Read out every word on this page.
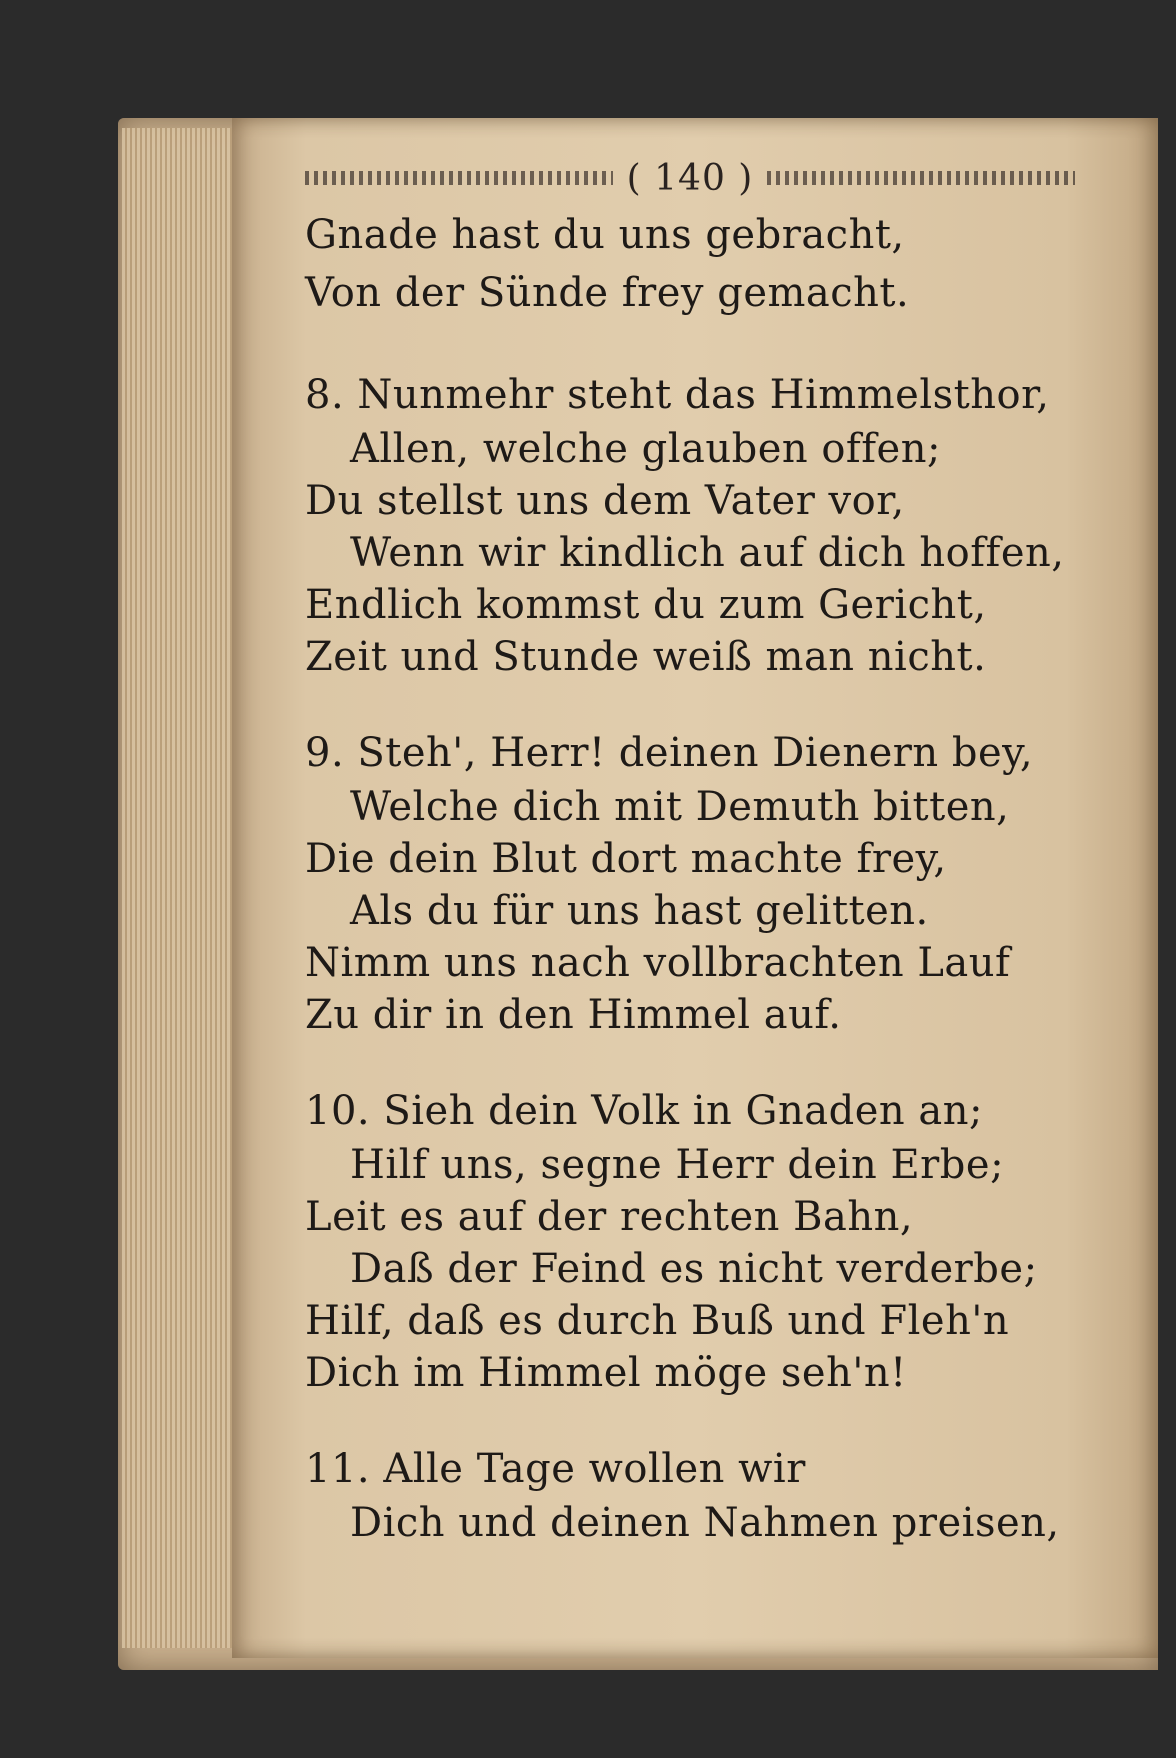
( 140 )
Gnade hast du uns gebracht,
Von der Sünde frey gemacht.
8. Nunmehr steht das Himmelsthor,
Allen, welche glauben offen;
Du stellst uns dem Vater vor,
Wenn wir kindlich auf dich hoffen,
Endlich kommst du zum Gericht,
Zeit und Stunde weiß man nicht.
9. Steh', Herr! deinen Dienern bey,
Welche dich mit Demuth bitten,
Die dein Blut dort machte frey,
Als du für uns hast gelitten.
Nimm uns nach vollbrachten Lauf
Zu dir in den Himmel auf.
10. Sieh dein Volk in Gnaden an;
Hilf uns, segne Herr dein Erbe;
Leit es auf der rechten Bahn,
Daß der Feind es nicht verderbe;
Hilf, daß es durch Buß und Fleh'n
Dich im Himmel möge seh'n!
11. Alle Tage wollen wir
Dich und deinen Nahmen preisen,
